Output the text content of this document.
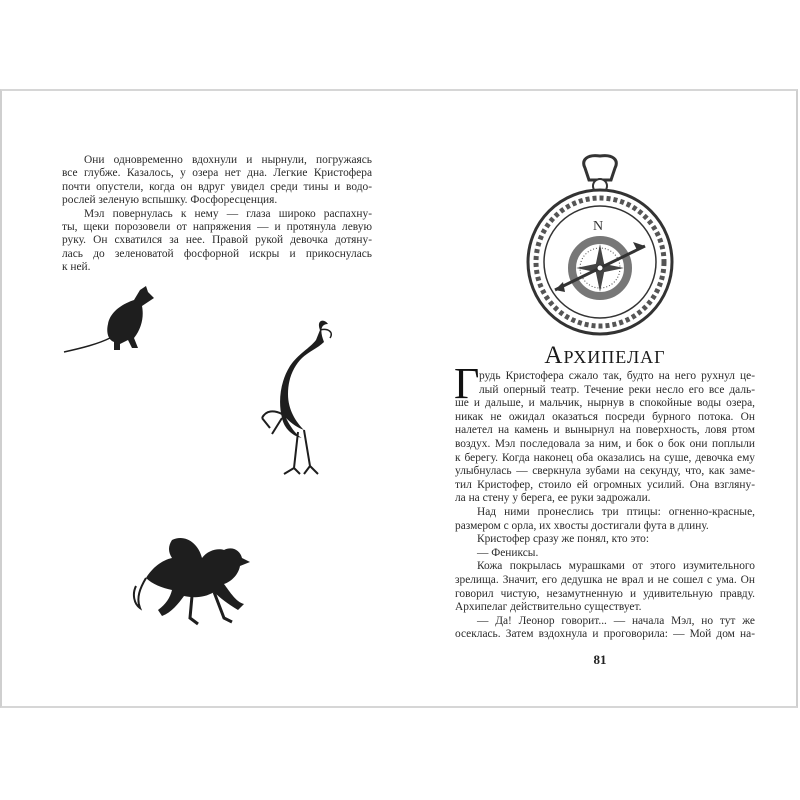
Они одновременно вдохнули и нырнули, погружаясь
все глубже. Казалось, у озера нет дна. Легкие Кристофера
почти опустели, когда он вдруг увидел среди тины и водо-
рослей зеленую вспышку. Фосфоресценция.
Мэл повернулась к нему — глаза широко распахну-
ты, щеки порозовели от напряжения — и протянула левую
руку. Он схватился за нее. Правой рукой девочка дотяну-
лась до зеленоватой фосфорной искры и прикоснулась
к ней.
N
Архипелаг
Г рудь Кристофера сжало так, будто на него рухнул це-
лый оперный театр. Течение реки несло его все даль-
ше и дальше, и мальчик, нырнув в спокойные воды озера,
никак не ожидал оказаться посреди бурного потока. Он
налетел на камень и вынырнул на поверхность, ловя ртом
воздух. Мэл последовала за ним, и бок о бок они поплыли
к берегу. Когда наконец оба оказались на суше, девочка ему
улыбнулась — сверкнула зубами на секунду, что, как заме-
тил Кристофер, стоило ей огромных усилий. Она взгляну-
ла на стену у берега, ее руки задрожали.
Над ними пронеслись три птицы: огненно-красные,
размером с орла, их хвосты достигали фута в длину.
Кристофер сразу же понял, кто это:
— Фениксы.
Кожа покрылась мурашками от этого изумительного
зрелища. Значит, его дедушка не врал и не сошел с ума. Он
говорил чистую, незамутненную и удивительную правду.
Архипелаг действительно существует.
— Да! Леонор говорит... — начала Мэл, но тут же
осеклась. Затем вздохнула и проговорила: — Мой дом на-
81
